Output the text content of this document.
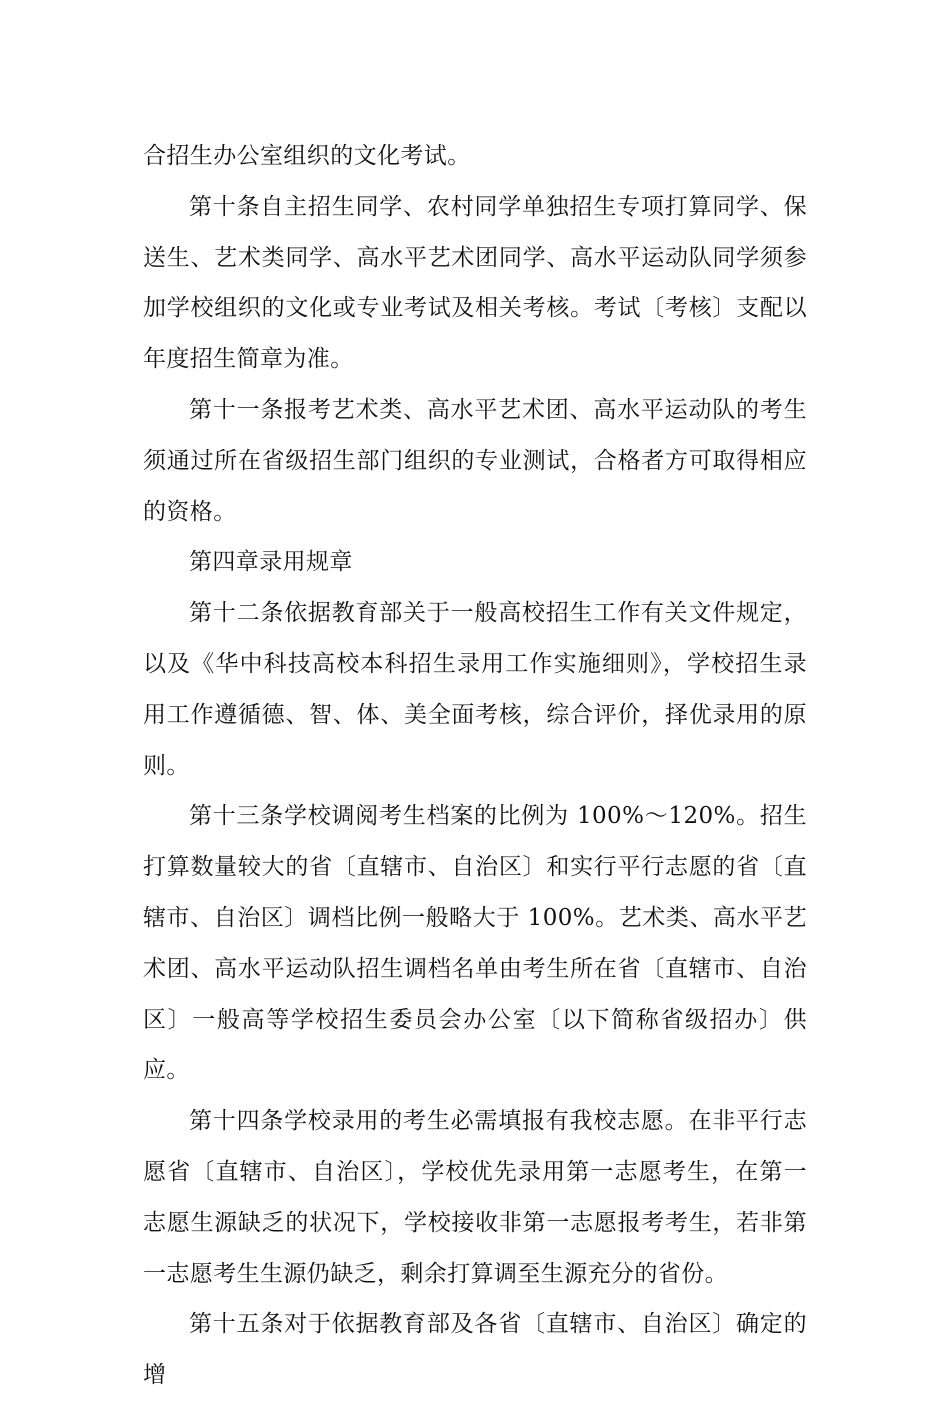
合招生办公室组织的文化考试。

第十条自主招生同学、农村同学单独招生专项打算同学、保送生、艺术类同学、高水平艺术团同学、高水平运动队同学须参加学校组织的文化或专业考试及相关考核。考试〔考核〕支配以年度招生简章为准。

第十一条报考艺术类、高水平艺术团、高水平运动队的考生须通过所在省级招生部门组织的专业测试，合格者方可取得相应的资格。

第四章录用规章

第十二条依据教育部关于一般高校招生工作有关文件规定，以及《华中科技高校本科招生录用工作实施细则》，学校招生录用工作遵循德、智、体、美全面考核，综合评价，择优录用的原则。

第十三条学校调阅考生档案的比例为 100%～120%。招生打算数量较大的省〔直辖市、自治区〕和实行平行志愿的省〔直辖市、自治区〕调档比例一般略大于 100%。艺术类、高水平艺术团、高水平运动队招生调档名单由考生所在省〔直辖市、自治区〕一般高等学校招生委员会办公室〔以下简称省级招办〕供应。

第十四条学校录用的考生必需填报有我校志愿。在非平行志愿省〔直辖市、自治区〕，学校优先录用第一志愿考生，在第一志愿生源缺乏的状况下，学校接收非第一志愿报考考生，若非第一志愿考生生源仍缺乏，剩余打算调至生源充分的省份。

第十五条对于依据教育部及各省〔直辖市、自治区〕确定的增
